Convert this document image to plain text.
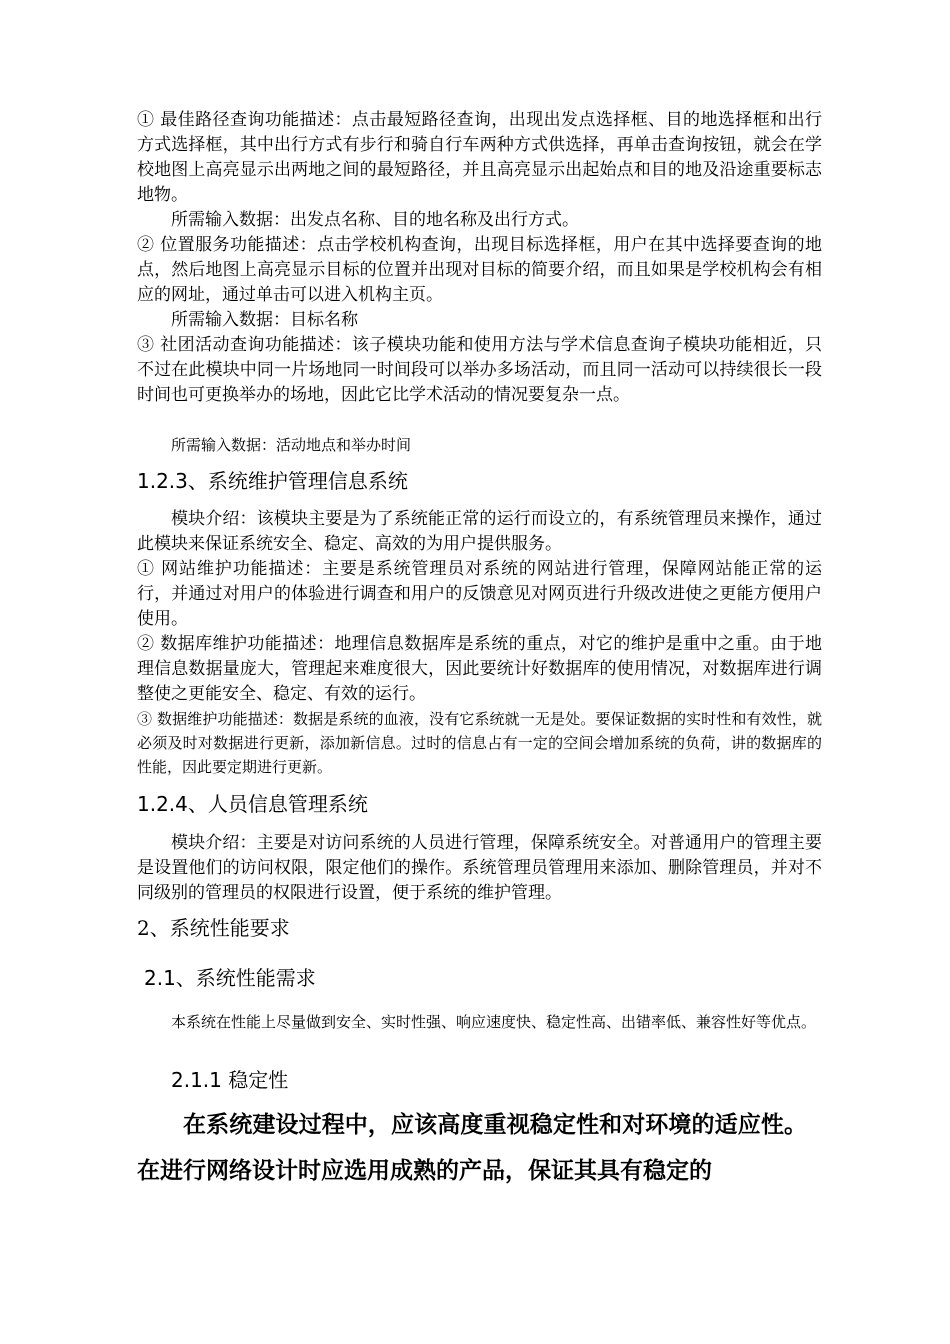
① 最佳路径查询功能描述：点击最短路径查询，出现出发点选择框、目的地选择框和出行方式选择框，其中出行方式有步行和骑自行车两种方式供选择，再单击查询按钮，就会在学校地图上高亮显示出两地之间的最短路径，并且高亮显示出起始点和目的地及沿途重要标志地物。

所需输入数据：出发点名称、目的地名称及出行方式。

② 位置服务功能描述：点击学校机构查询，出现目标选择框，用户在其中选择要查询的地点，然后地图上高亮显示目标的位置并出现对目标的简要介绍，而且如果是学校机构会有相应的网址，通过单击可以进入机构主页。

所需输入数据：目标名称

③ 社团活动查询功能描述：该子模块功能和使用方法与学术信息查询子模块功能相近，只不过在此模块中同一片场地同一时间段可以举办多场活动，而且同一活动可以持续很长一段时间也可更换举办的场地，因此它比学术活动的情况要复杂一点。

所需输入数据：活动地点和举办时间

1.2.3、系统维护管理信息系统

模块介绍：该模块主要是为了系统能正常的运行而设立的，有系统管理员来操作，通过此模块来保证系统安全、稳定、高效的为用户提供服务。

① 网站维护功能描述：主要是系统管理员对系统的网站进行管理，保障网站能正常的运行，并通过对用户的体验进行调查和用户的反馈意见对网页进行升级改进使之更能方便用户使用。

② 数据库维护功能描述：地理信息数据库是系统的重点，对它的维护是重中之重。由于地理信息数据量庞大，管理起来难度很大，因此要统计好数据库的使用情况，对数据库进行调整使之更能安全、稳定、有效的运行。

③ 数据维护功能描述：数据是系统的血液，没有它系统就一无是处。要保证数据的实时性和有效性，就必须及时对数据进行更新，添加新信息。过时的信息占有一定的空间会增加系统的负荷，讲的数据库的性能，因此要定期进行更新。

1.2.4、人员信息管理系统

模块介绍：主要是对访问系统的人员进行管理，保障系统安全。对普通用户的管理主要是设置他们的访问权限，限定他们的操作。系统管理员管理用来添加、删除管理员，并对不同级别的管理员的权限进行设置，便于系统的维护管理。

2、系统性能要求
2.1、系统性能需求

本系统在性能上尽量做到安全、实时性强、响应速度快、稳定性高、出错率低、兼容性好等优点。

2.1.1 稳定性

在系统建设过程中，应该高度重视稳定性和对环境的适应性。在进行网络设计时应选用成熟的产品，保证其具有稳定的
